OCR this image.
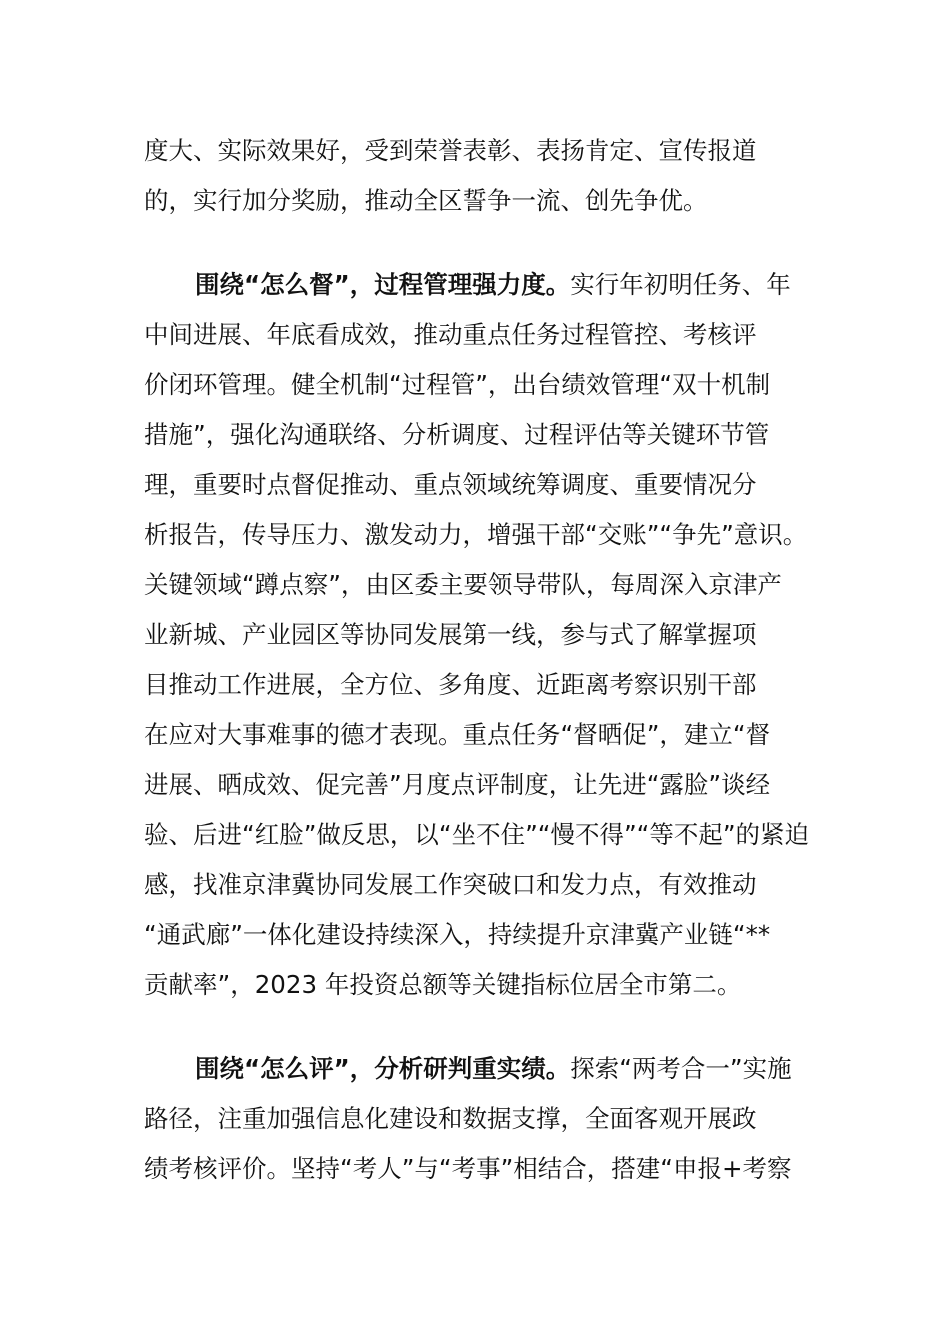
度大、实际效果好，受到荣誉表彰、表扬肯定、宣传报道
的，实行加分奖励，推动全区誓争一流、创先争优。
围绕“怎么督”，过程管理强力度。实行年初明任务、年
中间进展、年底看成效，推动重点任务过程管控、考核评
价闭环管理。健全机制“过程管”，出台绩效管理“双十机制
措施”，强化沟通联络、分析调度、过程评估等关键环节管
理，重要时点督促推动、重点领域统筹调度、重要情况分
析报告，传导压力、激发动力，增强干部“交账”“争先”意识。
关键领域“蹲点察”，由区委主要领导带队，每周深入京津产
业新城、产业园区等协同发展第一线，参与式了解掌握项
目推动工作进展，全方位、多角度、近距离考察识别干部
在应对大事难事的德才表现。重点任务“督晒促”，建立“督
进展、晒成效、促完善”月度点评制度，让先进“露脸”谈经
验、后进“红脸”做反思，以“坐不住”“慢不得”“等不起”的紧迫
感，找准京津冀协同发展工作突破口和发力点，有效推动
“通武廊”一体化建设持续深入，持续提升京津冀产业链“**
贡献率”，2023 年投资总额等关键指标位居全市第二。
围绕“怎么评”，分析研判重实绩。探索“两考合一”实施
路径，注重加强信息化建设和数据支撑，全面客观开展政
绩考核评价。坚持“考人”与“考事”相结合，搭建“申报+考察
